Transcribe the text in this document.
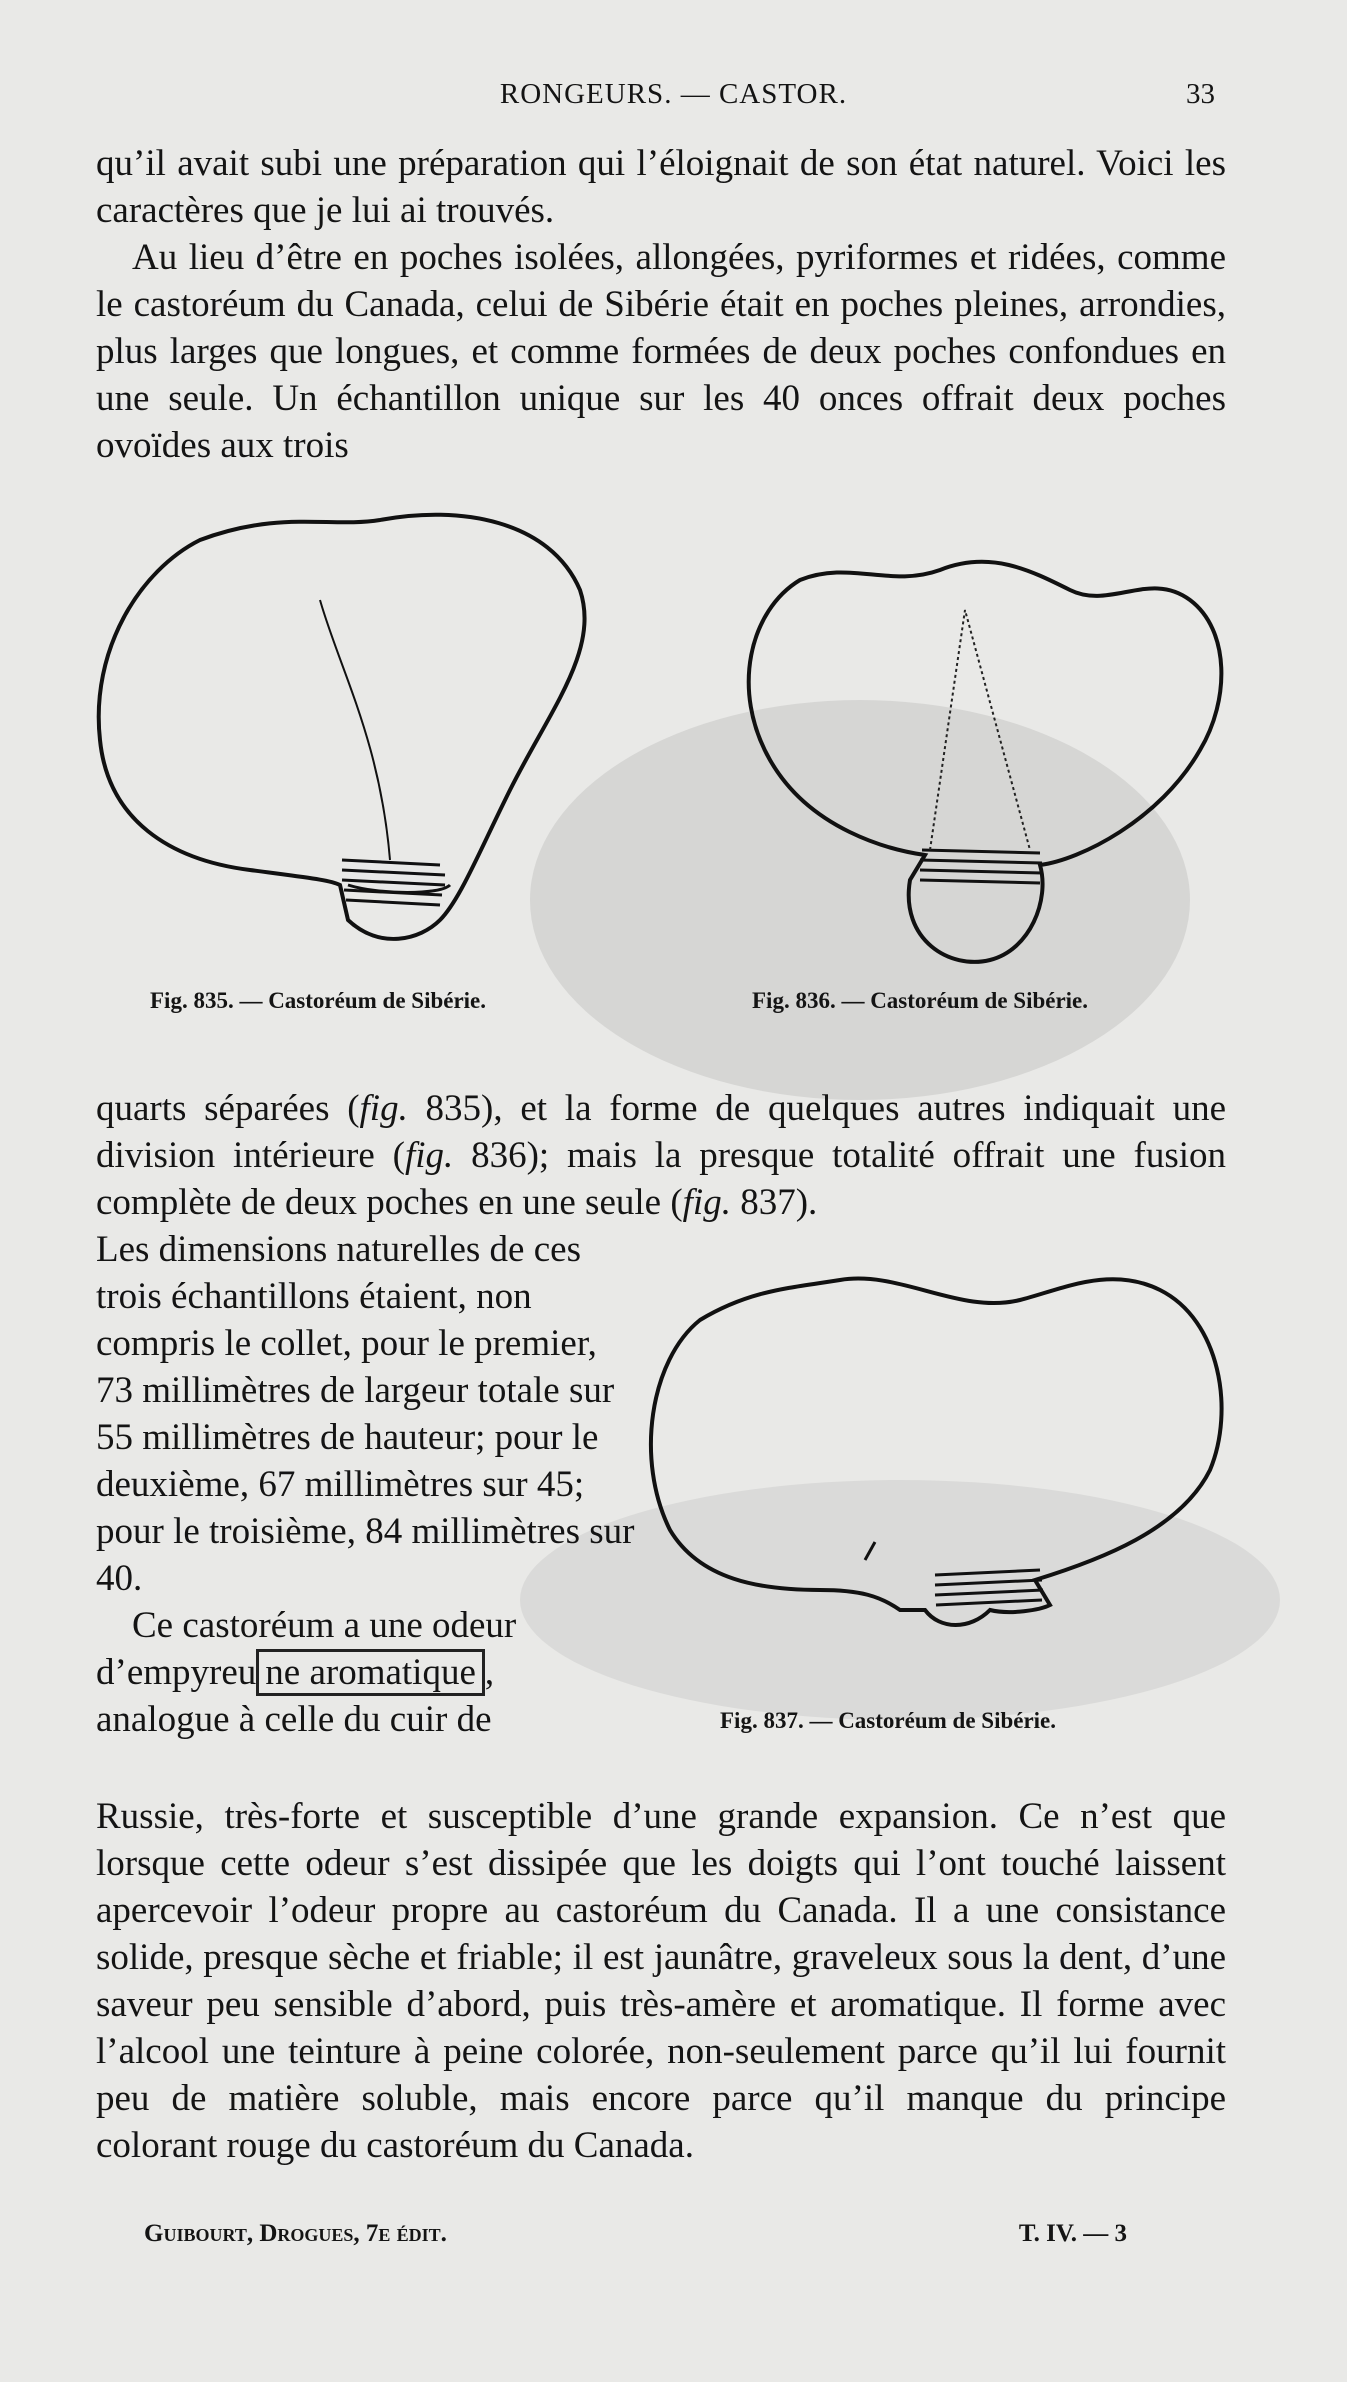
RONGEURS. — CASTOR.	33

qu’il avait subi une préparation qui l’éloignait de son état naturel. Voici les caractères que je lui ai trouvés.

Au lieu d’être en poches isolées, allongées, pyriformes et ridées, comme le castoréum du Canada, celui de Sibérie était en poches pleines, arrondies, plus larges que longues, et comme formées de deux poches confondues en une seule. Un échantillon unique sur les 40 onces offrait deux poches ovoïdes aux trois

Fig. 835. — Castoréum de Sibérie.	Fig. 836. — Castoréum de Sibérie.

quarts séparées (fig. 835), et la forme de quelques autres indiquait une division intérieure (fig. 836); mais la presque totalité offrait une fusion complète de deux poches en une seule (fig. 837).

Les dimensions naturelles de ces trois échantillons étaient, non compris le collet, pour le premier, 73 millimètres de largeur totale sur 55 millimètres de hauteur; pour le deuxième, 67 millimètres sur 45; pour le troisième, 84 millimètres sur 40.

Ce castoréum a une odeur d’empyreu ne aromatique , analogue à celle du cuir de	Fig. 837. — Castoréum de Sibérie.

Russie, très-forte et susceptible d’une grande expansion. Ce n’est que lorsque cette odeur s’est dissipée que les doigts qui l’ont touché laissent apercevoir l’odeur propre au castoréum du Canada. Il a une consistance solide, presque sèche et friable; il est jaunâtre, graveleux sous la dent, d’une saveur peu sensible d’abord, puis très-amère et aromatique. Il forme avec l’alcool une teinture à peine colorée, non-seulement parce qu’il lui fournit peu de matière soluble, mais encore parce qu’il manque du principe colorant rouge du castoréum du Canada.

Guibourt, Drogues, 7e édit.	T. IV. — 3
